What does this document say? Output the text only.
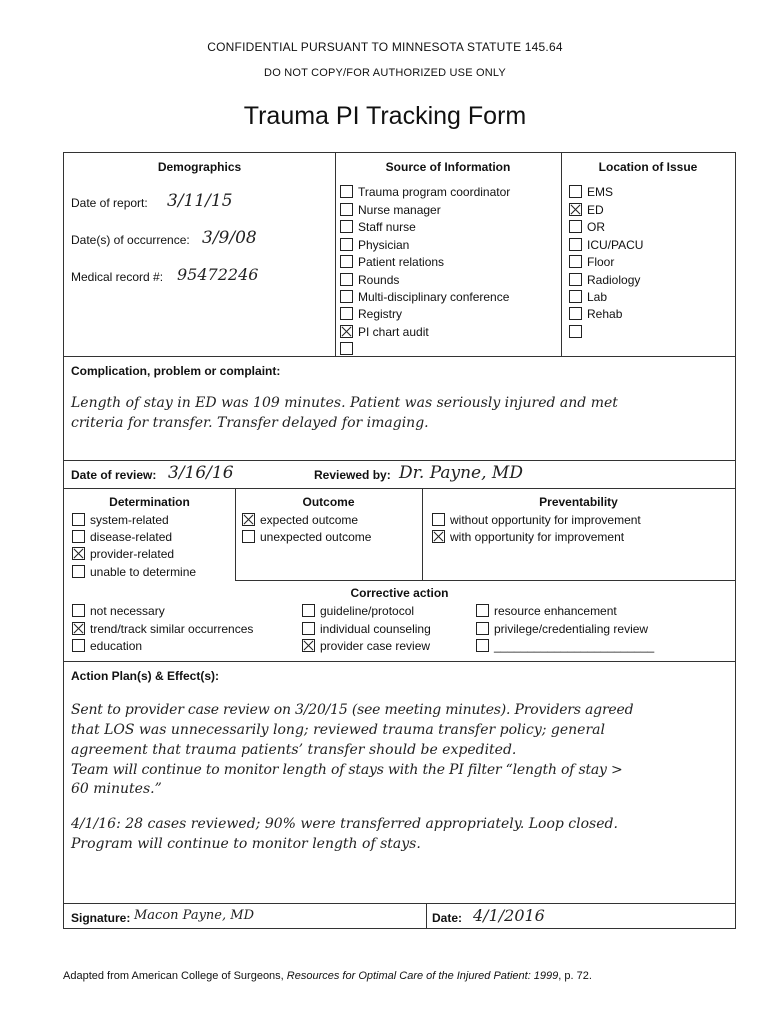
CONFIDENTIAL PURSUANT TO MINNESOTA STATUTE 145.64
DO NOT COPY/FOR AUTHORIZED USE ONLY
Trauma PI Tracking Form
Demographics
Date of report: 3/11/15
Date(s) of occurrence: 3/9/08
Medical record #: 95472246
Source of Information
Trauma program coordinator
Nurse manager
Staff nurse
Physician
Patient relations
Rounds
Multi-disciplinary conference
Registry
PI chart audit
Location of Issue
EMS
ED
OR
ICU/PACU
Floor
Radiology
Lab
Rehab
Complication, problem or complaint:
Length of stay in ED was 109 minutes. Patient was seriously injured and met
criteria for transfer. Transfer delayed for imaging.
Date of review: 3/16/16	Reviewed by: Dr. Payne, MD
Determination
system-related
disease-related
provider-related
unable to determine
Outcome
expected outcome
unexpected outcome
Preventability
without opportunity for improvement
with opportunity for improvement
Corrective action
not necessary
trend/track similar occurrences
education
guideline/protocol
individual counseling
provider case review
resource enhancement
privilege/credentialing review
________________________
Action Plan(s) & Effect(s):
Sent to provider case review on 3/20/15 (see meeting minutes). Providers agreed
that LOS was unnecessarily long; reviewed trauma transfer policy; general
agreement that trauma patients’ transfer should be expedited.
Team will continue to monitor length of stays with the PI filter “length of stay >
60 minutes.”
4/1/16: 28 cases reviewed; 90% were transferred appropriately. Loop closed.
Program will continue to monitor length of stays.
Signature: Macon Payne, MD	Date: 4/1/2016
Adapted from American College of Surgeons, Resources for Optimal Care of the Injured Patient: 1999, p. 72.
